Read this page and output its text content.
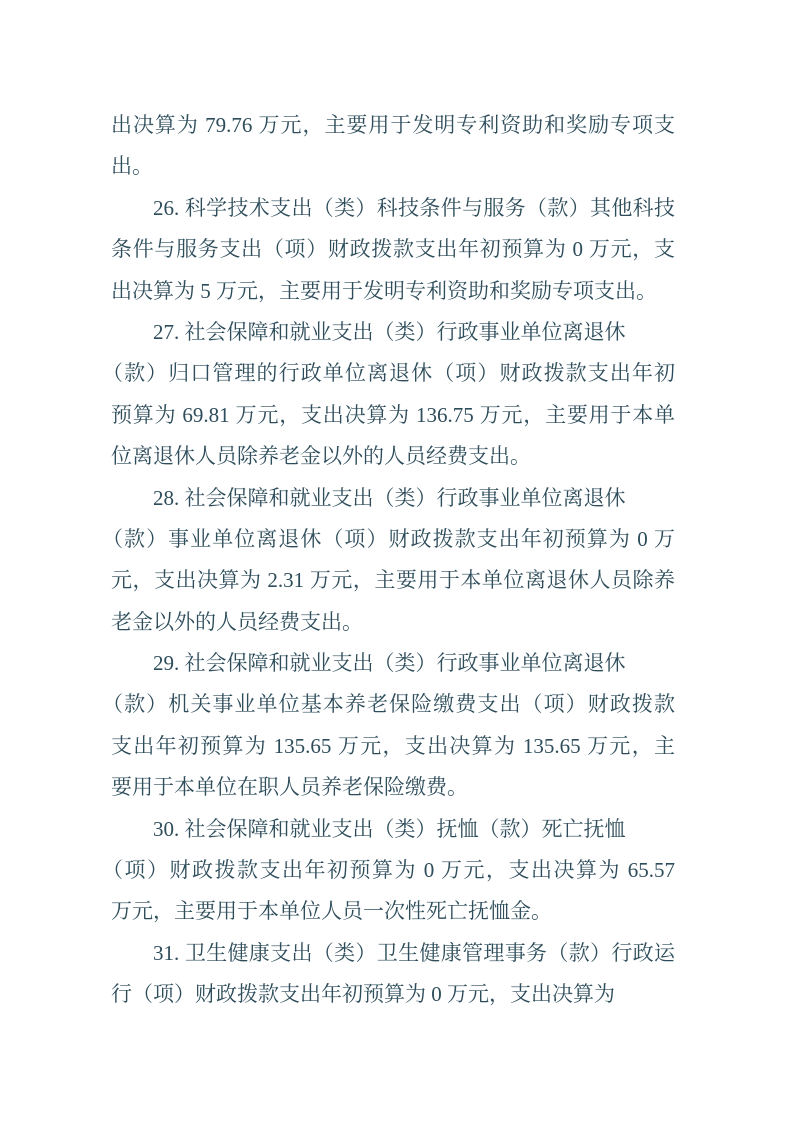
出决算为 79.76 万元，主要用于发明专利资助和奖励专项支
出。
26. 科学技术支出（类）科技条件与服务（款）其他科技
条件与服务支出（项）财政拨款支出年初预算为 0 万元，支
出决算为 5 万元，主要用于发明专利资助和奖励专项支出。
27. 社会保障和就业支出（类）行政事业单位离退休
（款）归口管理的行政单位离退休（项）财政拨款支出年初
预算为 69.81 万元，支出决算为 136.75 万元，主要用于本单
位离退休人员除养老金以外的人员经费支出。
28. 社会保障和就业支出（类）行政事业单位离退休
（款）事业单位离退休（项）财政拨款支出年初预算为 0 万
元，支出决算为 2.31 万元，主要用于本单位离退休人员除养
老金以外的人员经费支出。
29. 社会保障和就业支出（类）行政事业单位离退休
（款）机关事业单位基本养老保险缴费支出（项）财政拨款
支出年初预算为 135.65 万元，支出决算为 135.65 万元，主
要用于本单位在职人员养老保险缴费。
30. 社会保障和就业支出（类）抚恤（款）死亡抚恤
（项）财政拨款支出年初预算为 0 万元，支出决算为 65.57
万元，主要用于本单位人员一次性死亡抚恤金。
31. 卫生健康支出（类）卫生健康管理事务（款）行政运
行（项）财政拨款支出年初预算为 0 万元，支出决算为
